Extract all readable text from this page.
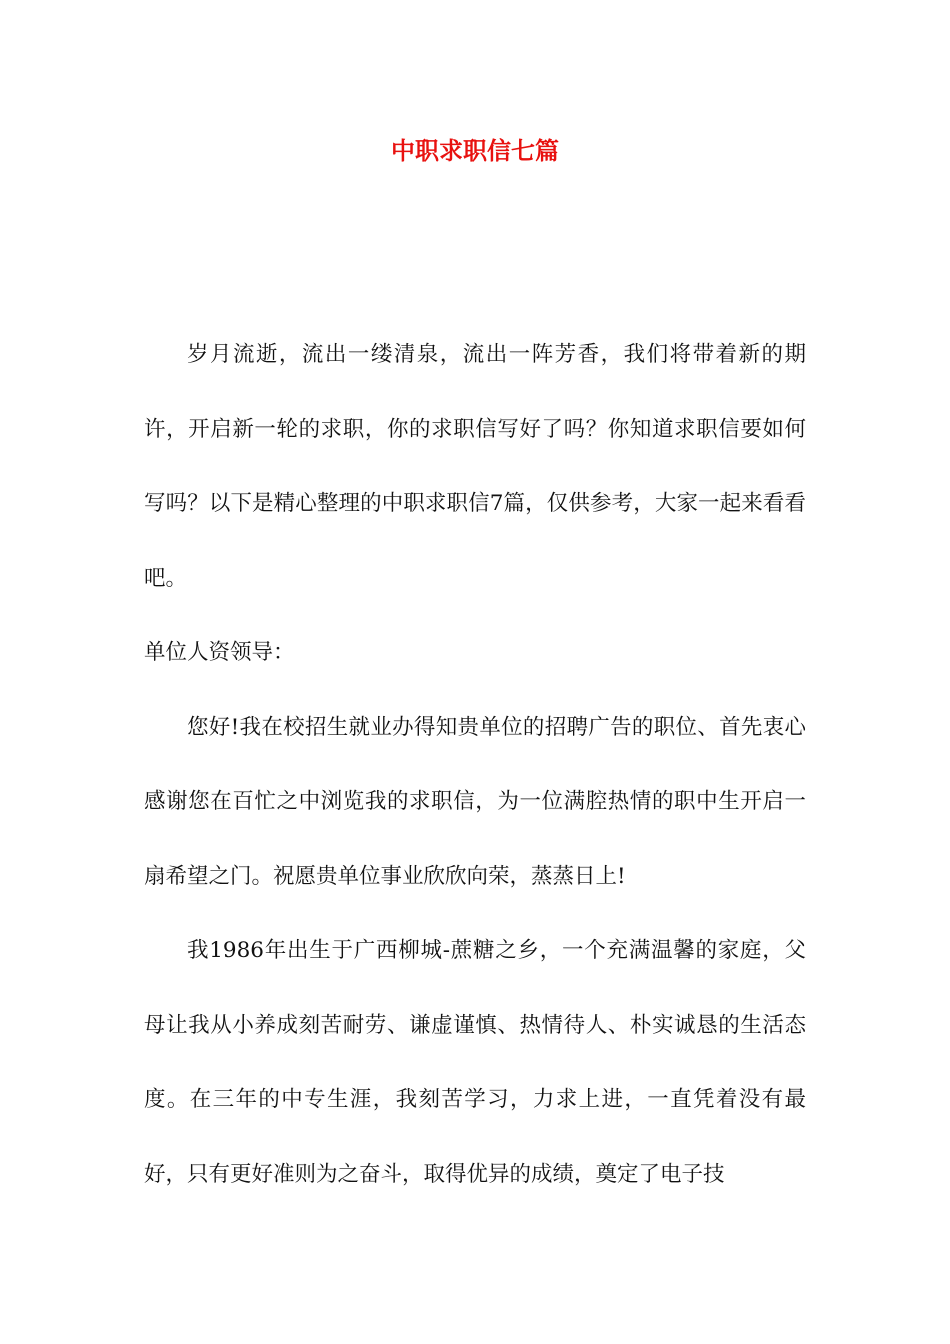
中职求职信七篇

岁月流逝，流出一缕清泉，流出一阵芳香，我们将带着新的期许，开启新一轮的求职，你的求职信写好了吗？你知道求职信要如何写吗？以下是精心整理的中职求职信7篇，仅供参考，大家一起来看看吧。

单位人资领导：

您好!我在校招生就业办得知贵单位的招聘广告的职位、首先衷心感谢您在百忙之中浏览我的求职信，为一位满腔热情的职中生开启一扇希望之门。祝愿贵单位事业欣欣向荣，蒸蒸日上!

我1986年出生于广西柳城-蔗糖之乡，一个充满温馨的家庭，父母让我从小养成刻苦耐劳、谦虚谨慎、热情待人、朴实诚恳的生活态度。在三年的中专生涯，我刻苦学习，力求上进，一直凭着没有最好，只有更好准则为之奋斗，取得优异的成绩，奠定了电子技
